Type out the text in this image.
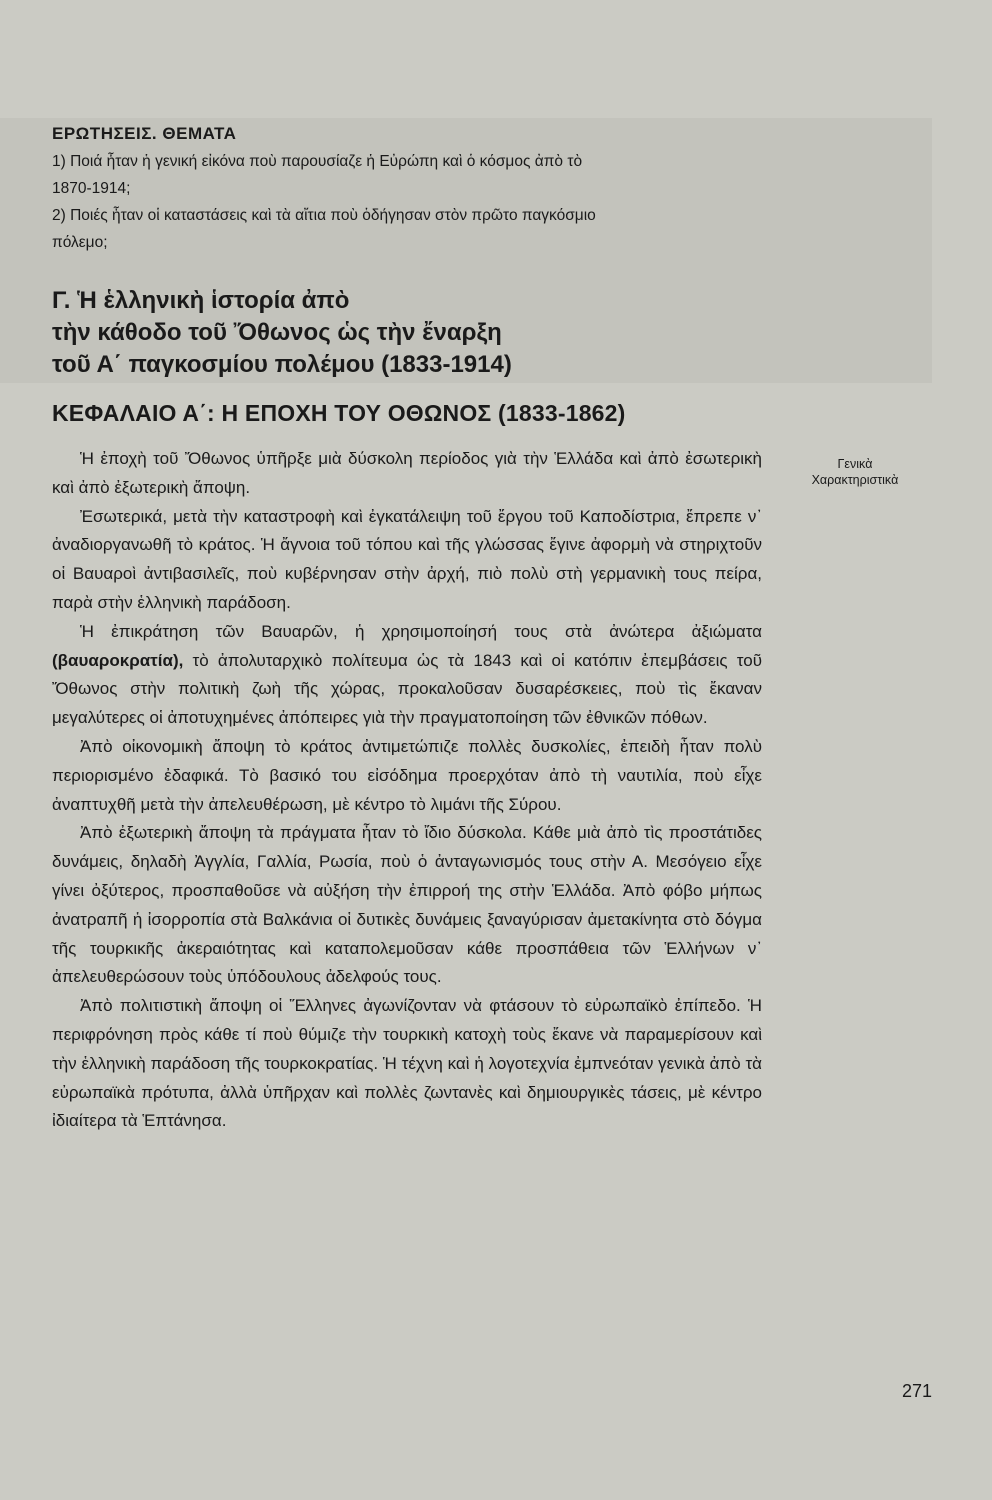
ΕΡΩΤΗΣΕΙΣ. ΘΕΜΑΤΑ
1) Ποιά ἦταν ἡ γενική εἰκόνα ποὺ παρουσίαζε ἡ Εὐρώπη καὶ ὁ κόσμος ἀπὸ τὸ
1870-1914;
2) Ποιές ἦταν οἱ καταστάσεις καὶ τὰ αἴτια ποὺ ὁδήγησαν στὸν πρῶτο παγκόσμιο
πόλεμο;
Γ. Ἡ ἑλληνικὴ ἱστορία ἀπὸ
τὴν κάθοδο τοῦ Ὄθωνος ὡς τὴν ἔναρξη
τοῦ Α΄ παγκοσμίου πολέμου (1833-1914)
ΚΕΦΑΛΑΙΟ Α΄: Η ΕΠΟΧΗ ΤΟΥ ΟΘΩΝΟΣ (1833-1862)
Γενικὰ
Χαρακτηριστικὰ

Ἡ ἐποχὴ τοῦ Ὄθωνος ὑπῆρξε μιὰ δύσκολη περίοδος γιὰ τὴν Ἑλλάδα καὶ ἀπὸ ἐσωτερικὴ καὶ ἀπὸ ἐξωτερικὴ ἄποψη.

Ἐσωτερικά, μετὰ τὴν καταστροφὴ καὶ ἐγκατάλειψη τοῦ ἔργου τοῦ Καποδίστρια, ἔπρεπε ν᾽ ἀναδιοργανωθῆ τὸ κράτος. Ἡ ἄγνοια τοῦ τόπου καὶ τῆς γλώσσας ἔγινε ἀφορμὴ νὰ στηριχτοῦν οἱ Βαυαροὶ ἀντιβασιλεῖς, ποὺ κυβέρνησαν στὴν ἀρχή, πιὸ πολὺ στὴ γερμανικὴ τους πείρα, παρὰ στὴν ἑλληνικὴ παράδοση.

Ἡ ἐπικράτηση τῶν Βαυαρῶν, ἡ χρησιμοποίησή τους στὰ ἀνώτερα ἀξιώματα (βαυαροκρατία), τὸ ἀπολυταρχικὸ πολίτευμα ὡς τὰ 1843 καὶ οἱ κατόπιν ἐπεμβάσεις τοῦ Ὄθωνος στὴν πολιτικὴ ζωὴ τῆς χώρας, προκαλοῦσαν δυσαρέσκειες, ποὺ τὶς ἔκαναν μεγαλύτερες οἱ ἀποτυχημένες ἀπόπειρες γιὰ τὴν πραγματοποίηση τῶν ἐθνικῶν πόθων.

Ἀπὸ οἰκονομικὴ ἄποψη τὸ κράτος ἀντιμετώπιζε πολλὲς δυσκολίες, ἐπειδὴ ἦταν πολὺ περιορισμένο ἐδαφικά. Τὸ βασικό του εἰσόδημα προερχόταν ἀπὸ τὴ ναυτιλία, ποὺ εἶχε ἀναπτυχθῆ μετὰ τὴν ἀπελευθέρωση, μὲ κέντρο τὸ λιμάνι τῆς Σύρου.

Ἀπὸ ἐξωτερικὴ ἄποψη τὰ πράγματα ἦταν τὸ ἴδιο δύσκολα. Κάθε μιὰ ἀπὸ τὶς προστάτιδες δυνάμεις, δηλαδὴ Ἀγγλία, Γαλλία, Ρωσία, ποὺ ὁ ἀνταγωνισμός τους στὴν Α. Μεσόγειο εἶχε γίνει ὀξύτερος, προσπαθοῦσε νὰ αὐξήση τὴν ἐπιρροή της στὴν Ἑλλάδα. Ἀπὸ φόβο μήπως ἀνατραπῆ ἡ ἰσορροπία στὰ Βαλκάνια οἱ δυτικὲς δυνάμεις ξαναγύρισαν ἀμετακίνητα στὸ δόγμα τῆς τουρκικῆς ἀκεραιότητας καὶ καταπολεμοῦσαν κάθε προσπάθεια τῶν Ἑλλήνων ν᾽ ἀπελευθερώσουν τοὺς ὑπόδουλους ἀδελφούς τους.

Ἀπὸ πολιτιστικὴ ἄποψη οἱ Ἕλληνες ἀγωνίζονταν νὰ φτάσουν τὸ εὐρωπαϊκὸ ἐπίπεδο. Ἡ περιφρόνηση πρὸς κάθε τί ποὺ θύμιζε τὴν τουρκικὴ κατοχὴ τοὺς ἔκανε νὰ παραμερίσουν καὶ τὴν ἑλληνικὴ παράδοση τῆς τουρκοκρατίας. Ἡ τέχνη καὶ ἡ λογοτεχνία ἐμπνεόταν γενικὰ ἀπὸ τὰ εὐρωπαϊκὰ πρότυπα, ἀλλὰ ὑπῆρχαν καὶ πολλὲς ζωντανὲς καὶ δημιουργικὲς τάσεις, μὲ κέντρο ἰδιαίτερα τὰ Ἑπτάνησα.

271
